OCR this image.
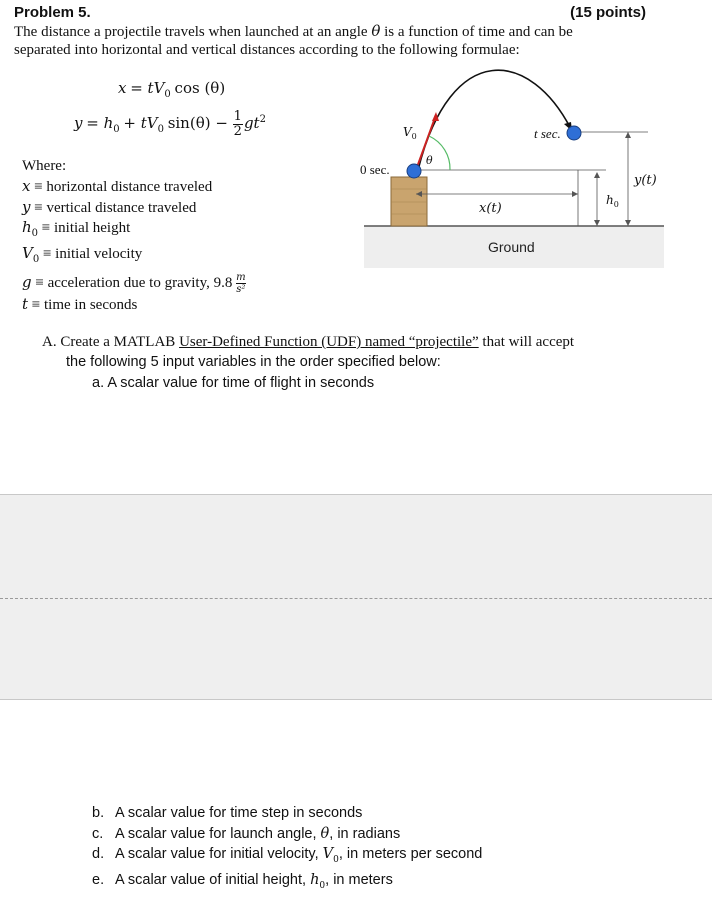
Problem 5.	(15 points)
The distance a projectile travels when launched at an angle θ is a function of time and can be
separated into horizontal and vertical distances according to the following formulae:
$x = tV_0$ cos (θ)
$y = h_0 + tV_0$ $\sin(\theta) - \frac{1}{2} gt^2$
Where:
x ≡ horizontal distance traveled
y ≡ vertical distance traveled
$h_0$ ≡ initial height
$V_0$ ≡ initial velocity
g ≡ acceleration due to gravity, $9.8 \frac{m}{\text{s²}}$
t ≡ time in seconds
0 sec.
t sec.
$V_0$
θ
x(t)
y(t)
$h_0$
Ground
A. Create a MATLAB User-Defined Function (UDF) named “projectile” that will accept
the following 5 input variables in the order specified below:
a. A scalar value for time of flight in seconds
b. A scalar value for time step in seconds
c. A scalar value for launch angle, θ, in radians
d. A scalar value for initial velocity, $V_0$, in meters per second
e. A scalar value of initial height, $h_0$, in meters
